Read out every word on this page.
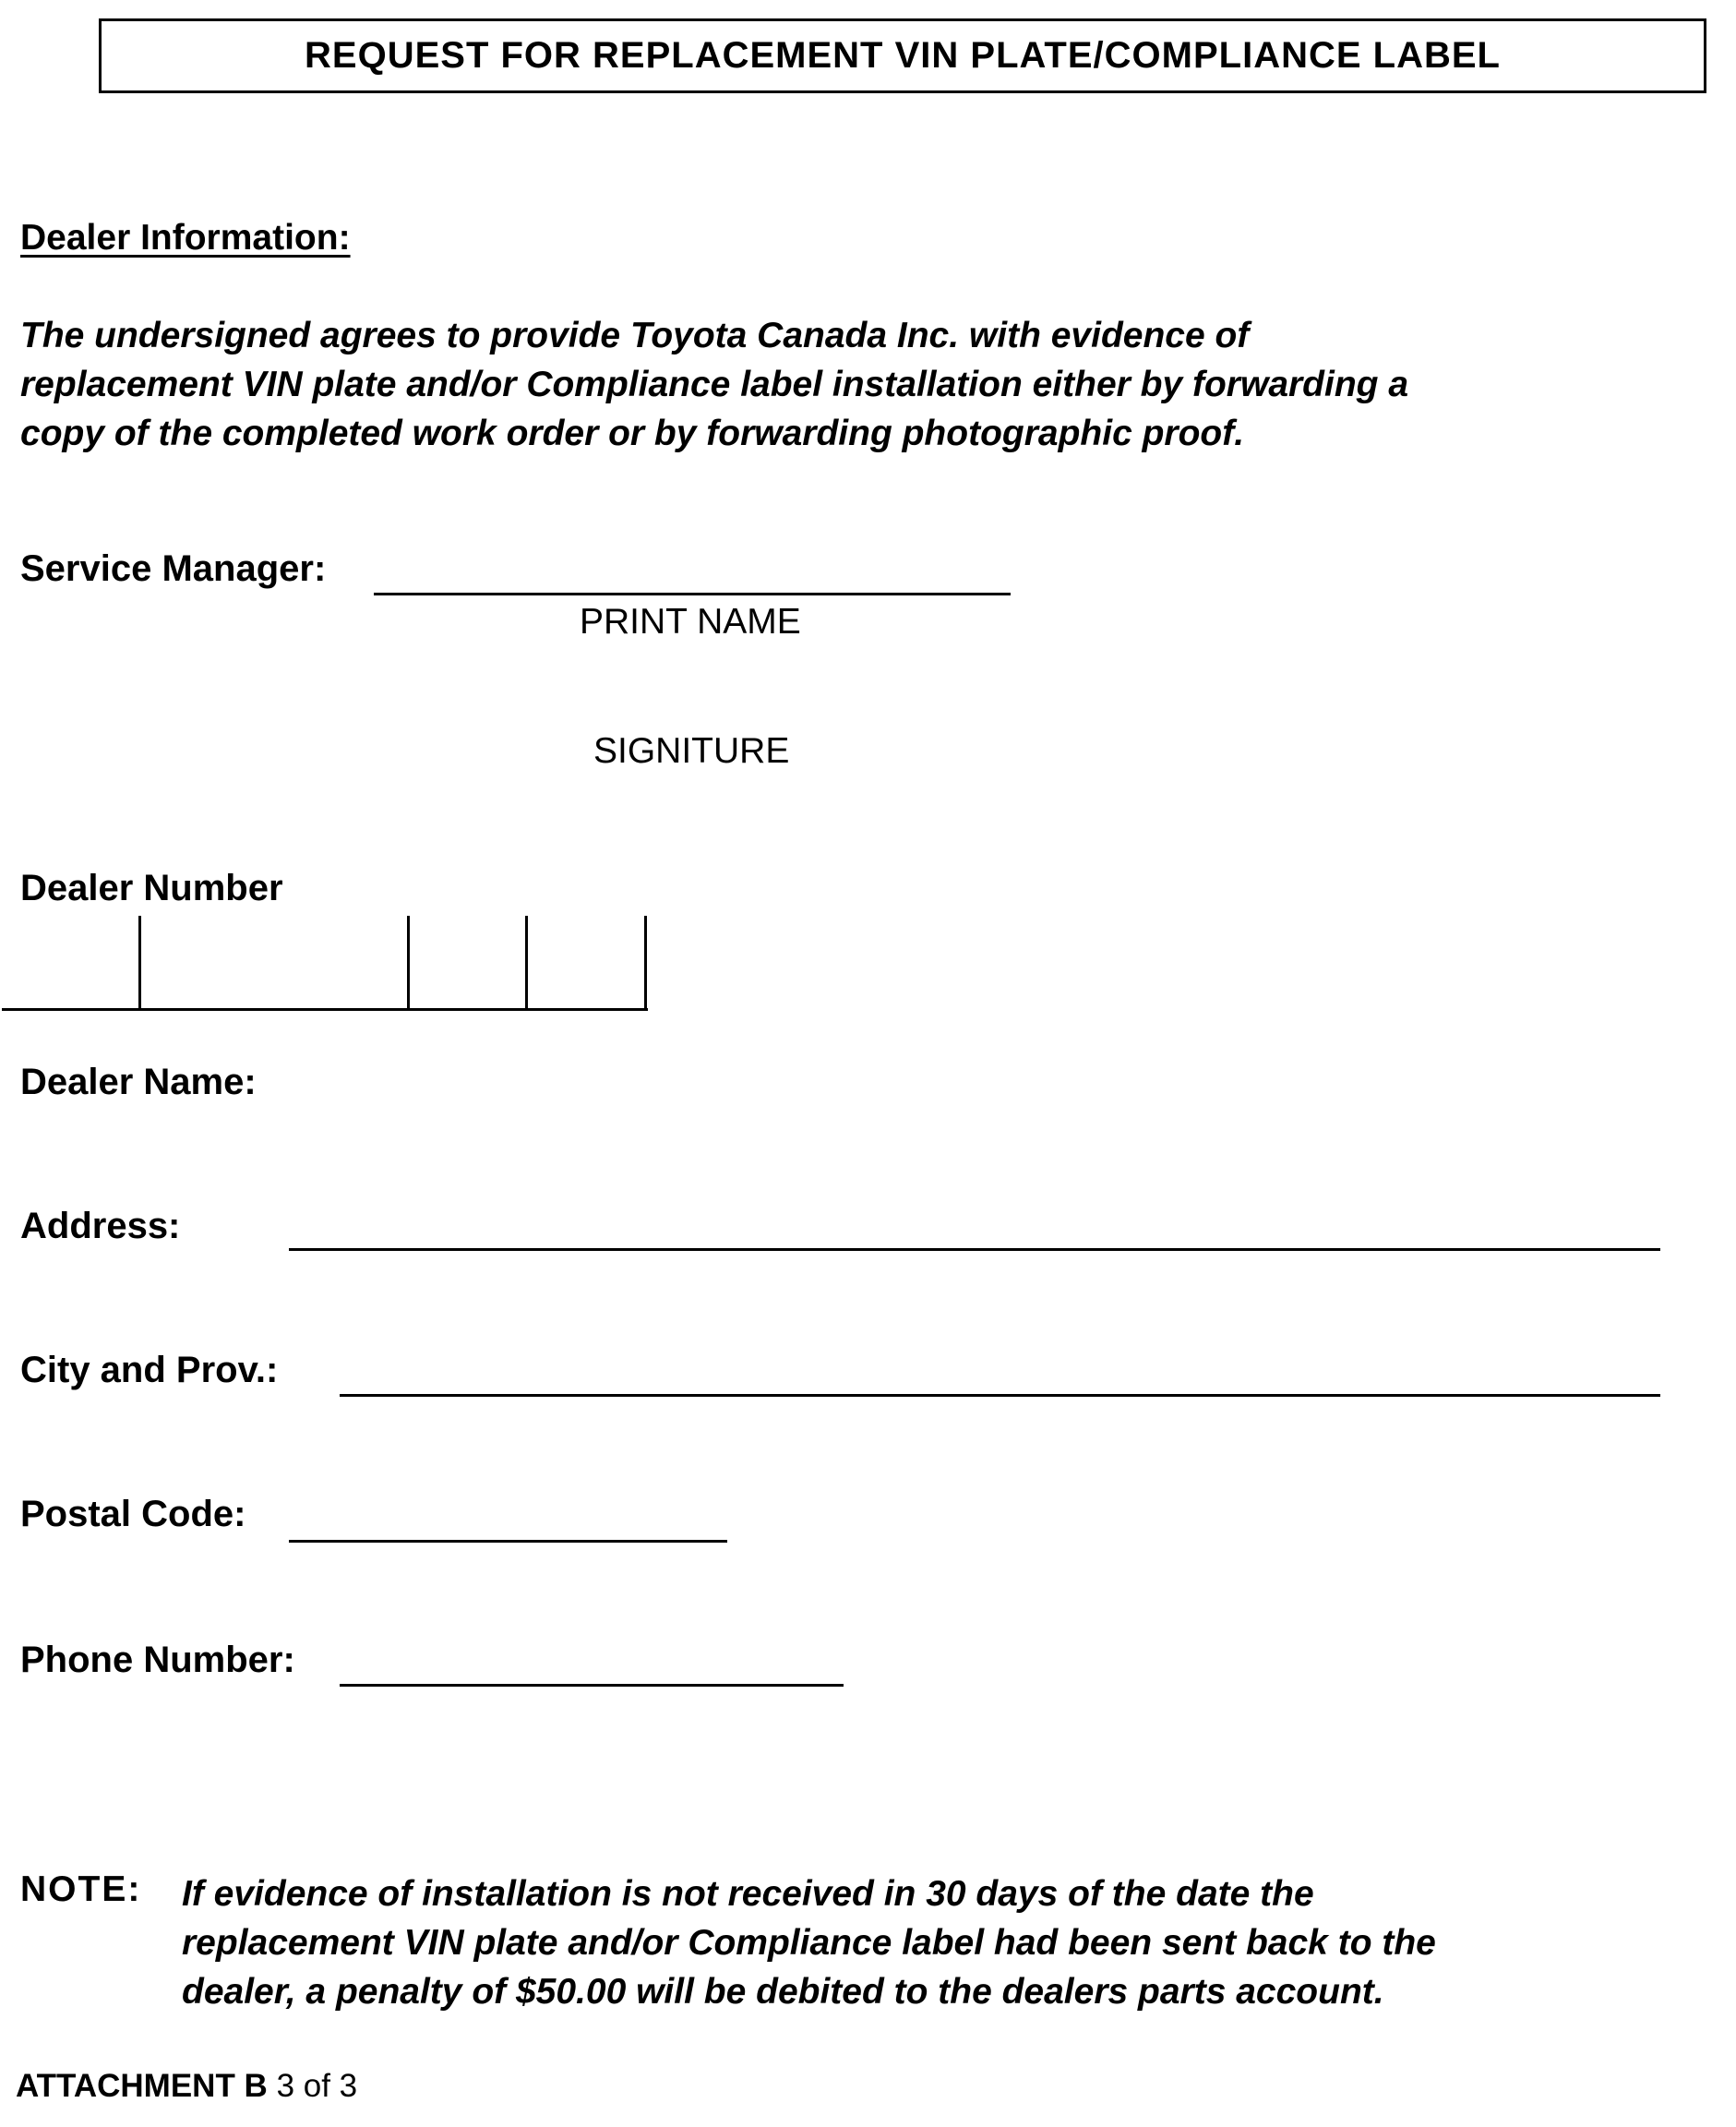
REQUEST FOR REPLACEMENT VIN PLATE/COMPLIANCE LABEL
Dealer Information:
The undersigned agrees to provide Toyota Canada Inc. with evidence of
replacement VIN plate and/or Compliance label installation either by forwarding a
copy of the completed work order or by forwarding photographic proof.
Service Manager:
PRINT NAME
SIGNITURE
Dealer Number
Dealer Name:
Address:
City and Prov.:
Postal Code:
Phone Number:
NOTE: If evidence of installation is not received in 30 days of the date the
replacement VIN plate and/or Compliance label had been sent back to the
dealer, a penalty of $50.00 will be debited to the dealers parts account.
ATTACHMENT B 3 of 3
